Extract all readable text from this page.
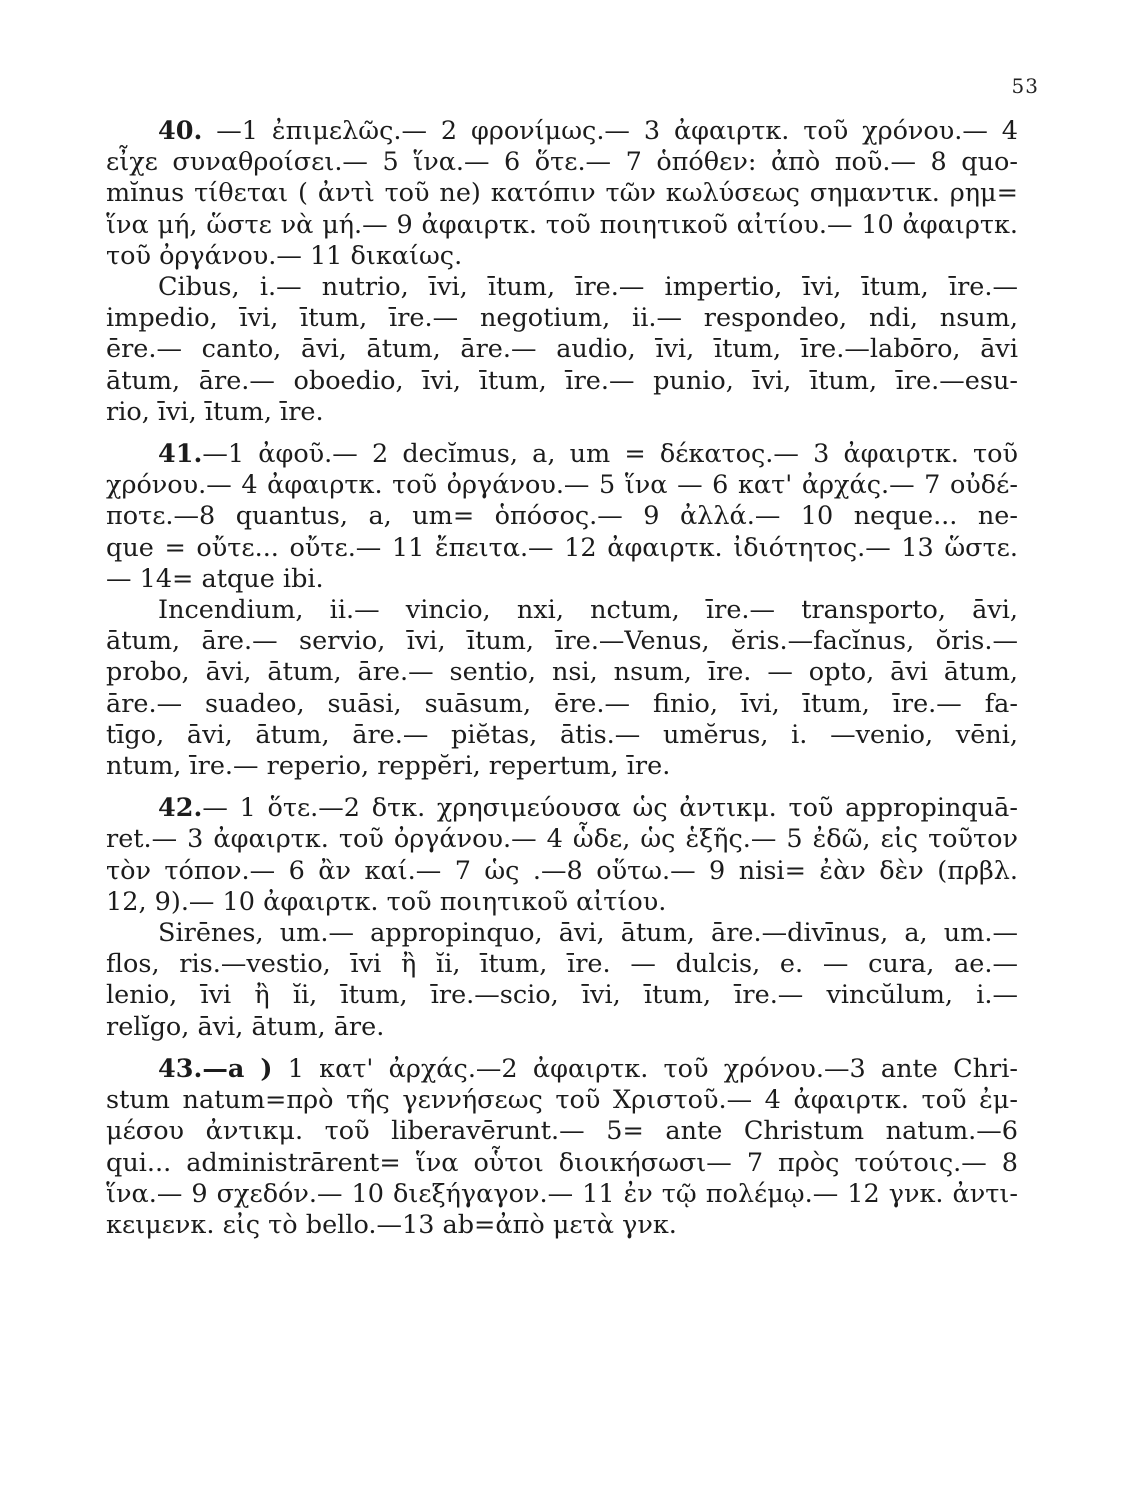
53
40. —1 ἐπιμελῶς.— 2 φρονίμως.— 3 ἀφαιρτκ. τοῦ χρόνου.— 4
εἶχε συναθροίσει.— 5 ἵνα.— 6 ὅτε.— 7 ὁπόθεν: ἀπὸ ποῦ.— 8 quo-
mĭnus τίθεται ( ἀντὶ τοῦ ne) κατόπιν τῶν κωλύσεως σημαντικ. ρημ=
ἵνα μή, ὥστε νὰ μή.— 9 ἀφαιρτκ. τοῦ ποιητικοῦ αἰτίου.— 10 ἀφαιρτκ.
τοῦ ὀργάνου.— 11 δικαίως.
Cibus, i.— nutrio, īvi, ītum, īre.— impertio, īvi, ītum, īre.—
impedio, īvi, ītum, īre.— negotium, ii.— respondeo, ndi, nsum,
ēre.— canto, āvi, ātum, āre.— audio, īvi, ītum, īre.—labōro, āvi
ātum, āre.— oboedio, īvi, ītum, īre.— punio, īvi, ītum, īre.—esu-
rio, īvi, ītum, īre.
41.—1 ἀφοῦ.— 2 decĭmus, a, um = δέκατος.— 3 ἀφαιρτκ. τοῦ
χρόνου.— 4 ἀφαιρτκ. τοῦ ὀργάνου.— 5 ἵνα — 6 κατ' ἀρχάς.— 7 οὐδέ-
ποτε.—8 quantus, a, um= ὁπόσος.— 9 ἀλλά.— 10 neque... ne-
que = οὔτε... οὔτε.— 11 ἔπειτα.— 12 ἀφαιρτκ. ἰδιότητος.— 13 ὥστε.
— 14= atque ibi.
Incendium, ii.— vincio, nxi, nctum, īre.— transporto, āvi,
ātum, āre.— servio, īvi, ītum, īre.—Venus, ĕris.—facĭnus, ŏris.—
probo, āvi, ātum, āre.— sentio, nsi, nsum, īre. — opto, āvi ātum,
āre.— suadeo, suāsi, suāsum, ēre.— finio, īvi, ītum, īre.— fa-
tīgo, āvi, ātum, āre.— piĕtas, ātis.— umĕrus, i. —venio, vēni,
ntum, īre.— reperio, reppĕri, repertum, īre.
42.— 1 ὅτε.—2 δτκ. χρησιμεύουσα ὡς ἀντικμ. τοῦ appropinquā-
ret.— 3 ἀφαιρτκ. τοῦ ὀργάνου.— 4 ὧδε, ὡς ἑξῆς.— 5 ἐδῶ, εἰς τοῦτον
τὸν τόπον.— 6 ἂν καί.— 7 ὡς .—8 οὕτω.— 9 nisi= ἐὰν δὲν (πρβλ.
12, 9).— 10 ἀφαιρτκ. τοῦ ποιητικοῦ αἰτίου.
Sirēnes, um.— appropinquo, āvi, ātum, āre.—divīnus, a, um.—
flos, ris.—vestio, īvi ἢ ĭi, ītum, īre. — dulcis, e. — cura, ae.—
lenio, īvi ἢ ĭi, ītum, īre.—scio, īvi, ītum, īre.— vincŭlum, i.—
relĭgo, āvi, ātum, āre.
43.—a ) 1 κατ' ἀρχάς.—2 ἀφαιρτκ. τοῦ χρόνου.—3 ante Chri-
stum natum=πρὸ τῆς γεννήσεως τοῦ Χριστοῦ.— 4 ἀφαιρτκ. τοῦ ἐμ-
μέσου ἀντικμ. τοῦ liberavērunt.— 5= ante Christum natum.—6
qui... administrārent= ἵνα οὗτοι διοικήσωσι— 7 πρὸς τούτοις.— 8
ἵνα.— 9 σχεδόν.— 10 διεξήγαγον.— 11 ἐν τῷ πολέμῳ.— 12 γνκ. ἀντι-
κειμενκ. εἰς τὸ bello.—13 ab=ἀπὸ μετὰ γνκ.
